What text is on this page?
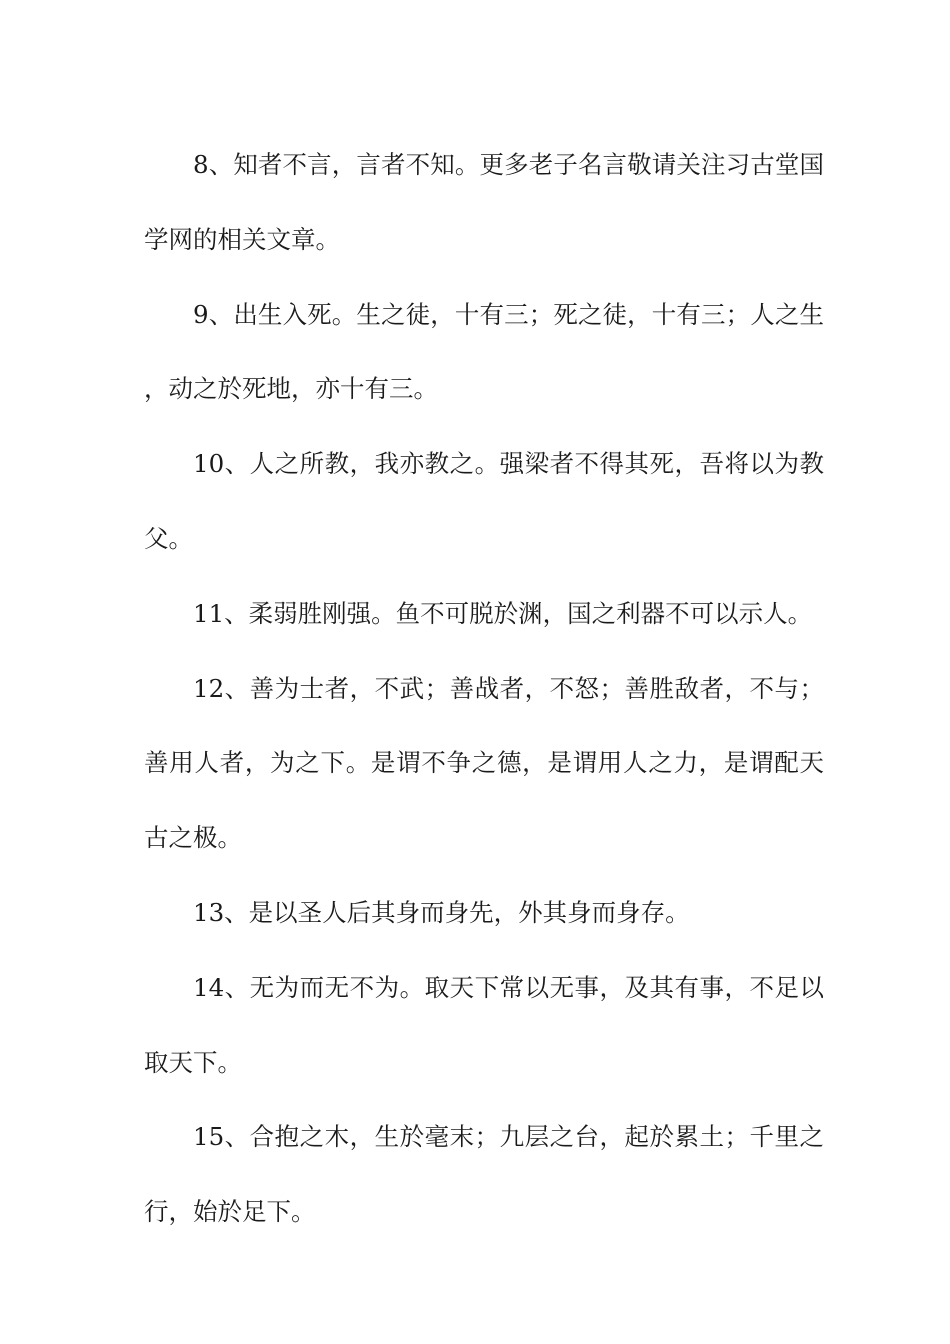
8、知者不言，言者不知。更多老子名言敬请关注习古堂国学网的相关文章。

9、出生入死。生之徒，十有三；死之徒，十有三；人之生，动之於死地，亦十有三。

10、人之所教，我亦教之。强梁者不得其死，吾将以为教父。

11、柔弱胜刚强。鱼不可脱於渊，国之利器不可以示人。

12、善为士者，不武；善战者，不怒；善胜敌者，不与；善用人者，为之下。是谓不争之德，是谓用人之力，是谓配天古之极。

13、是以圣人后其身而身先，外其身而身存。

14、无为而无不为。取天下常以无事，及其有事，不足以取天下。

15、合抱之木，生於毫末；九层之台，起於累土；千里之行，始於足下。
